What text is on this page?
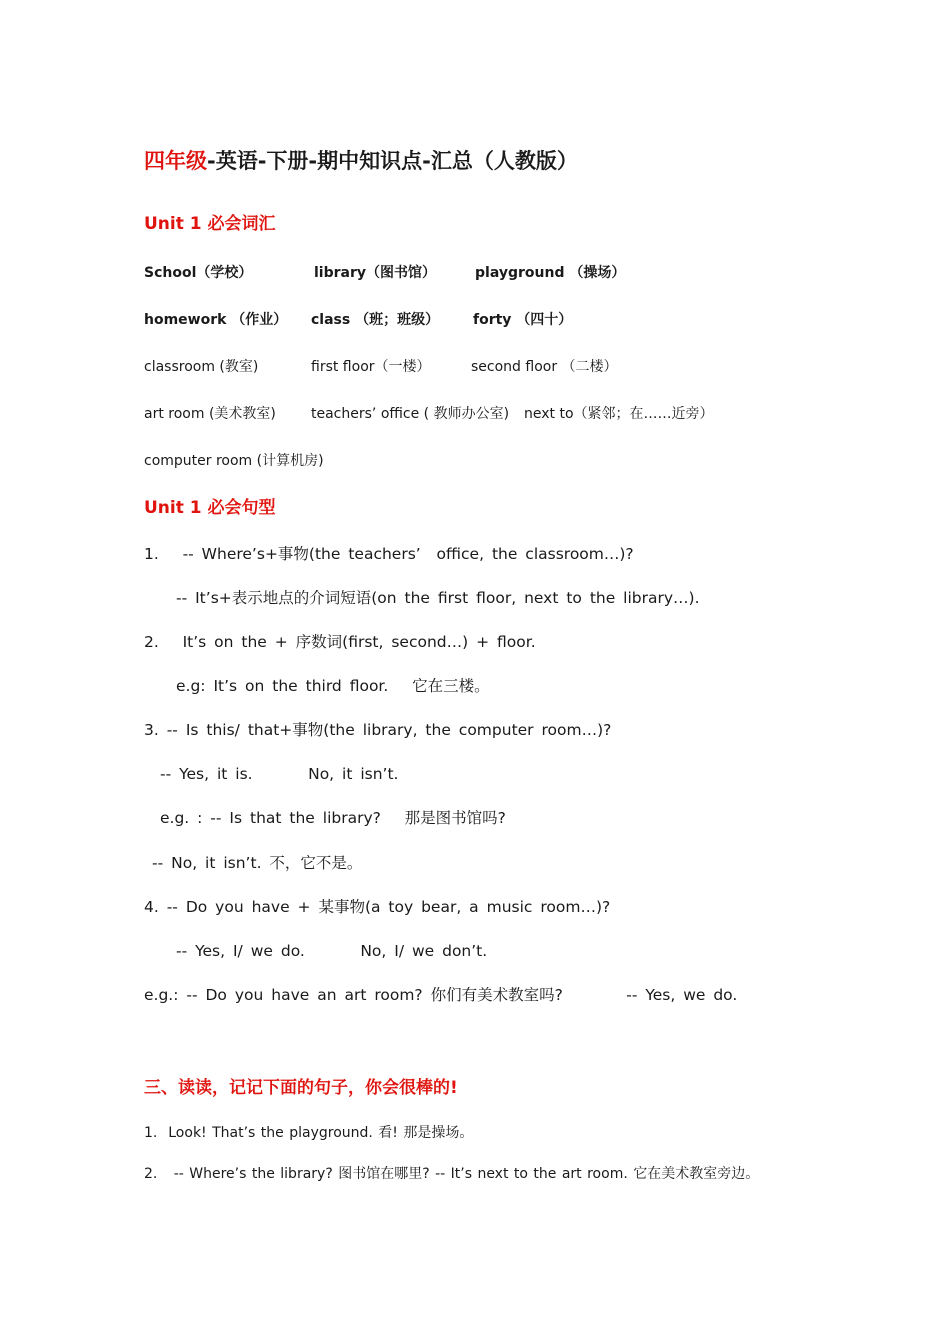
四年级-英语-下册-期中知识点-汇总（人教版）
Unit 1 必会词汇
School（学校）	library（图书馆）	playground （操场）
homework （作业） class （班；班级） forty （四十）
classroom (教室)	first floor（一楼）	second floor （二楼）
art room (美术教室)	teachers’ office ( 教师办公室) next to（紧邻；在……近旁）
computer room (计算机房)
Unit 1 必会句型
1.   -- Where’s+事物(the teachers’  office, the classroom…)?
-- It’s+表示地点的介词短语(on the first floor, next to the library…).
2.   It’s on the + 序数词(first, second…) + floor.
e.g: It’s on the third floor.   它在三楼。
3. -- Is this/ that+事物(the library, the computer room…)?
-- Yes, it is.       No, it isn’t.
e.g. : -- Is that the library?   那是图书馆吗?
-- No, it isn’t. 不，它不是。
4. -- Do you have + 某事物(a toy bear, a music room…)?
-- Yes, I/ we do.       No, I/ we don’t.
e.g.: -- Do you have an art room? 你们有美术教室吗?        -- Yes, we do.
三、读读，记记下面的句子，你会很棒的!
1.  Look! That’s the playground. 看! 那是操场。
2.   -- Where’s the library? 图书馆在哪里? -- It’s next to the art room. 它在美术教室旁边。
